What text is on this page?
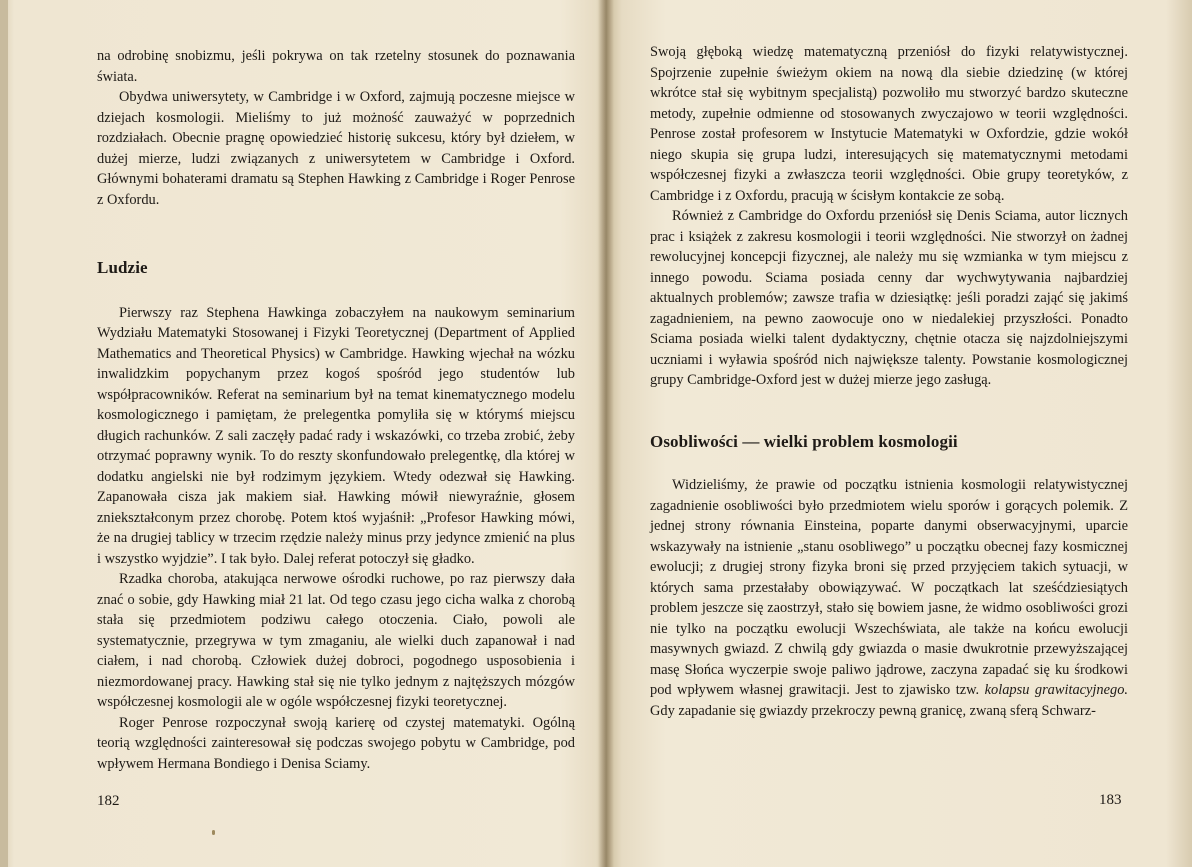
na odrobinę snobizmu, jeśli pokrywa on tak rzetelny stosunek do poznawania świata.

Obydwa uniwersytety, w Cambridge i w Oxford, zajmują poczesne miejsce w dziejach kosmologii. Mieliśmy to już możność zauważyć w poprzednich rozdziałach. Obecnie pragnę opowiedzieć historię sukcesu, który był dziełem, w dużej mierze, ludzi związanych z uniwersytetem w Cambridge i Oxford. Głównymi bohaterami dramatu są Stephen Hawking z Cambridge i Roger Penrose z Oxfordu.

Ludzie

Pierwszy raz Stephena Hawkinga zobaczyłem na naukowym seminarium Wydziału Matematyki Stosowanej i Fizyki Teoretycznej (Department of Applied Mathematics and Theoretical Physics) w Cambridge. Hawking wjechał na wózku inwalidzkim popychanym przez kogoś spośród jego studentów lub współpracowników. Referat na seminarium był na temat kinematycznego modelu kosmologicznego i pamiętam, że prelegentka pomyliła się w którymś miejscu długich rachunków. Z sali zaczęły padać rady i wskazówki, co trzeba zrobić, żeby otrzymać poprawny wynik. To do reszty skonfundowało prelegentkę, dla której w dodatku angielski nie był rodzimym językiem. Wtedy odezwał się Hawking. Zapanowała cisza jak makiem siał. Hawking mówił niewyraźnie, głosem zniekształconym przez chorobę. Potem ktoś wyjaśnił: „Profesor Hawking mówi, że na drugiej tablicy w trzecim rzędzie należy minus przy jedynce zmienić na plus i wszystko wyjdzie”. I tak było. Dalej referat potoczył się gładko.

Rzadka choroba, atakująca nerwowe ośrodki ruchowe, po raz pierwszy dała znać o sobie, gdy Hawking miał 21 lat. Od tego czasu jego cicha walka z chorobą stała się przedmiotem podziwu całego otoczenia. Ciało, powoli ale systematycznie, przegrywa w tym zmaganiu, ale wielki duch zapanował i nad ciałem, i nad chorobą. Człowiek dużej dobroci, pogodnego usposobienia i niezmordowanej pracy. Hawking stał się nie tylko jednym z najtęższych mózgów współczesnej kosmologii ale w ogóle współczesnej fizyki teoretycznej.

Roger Penrose rozpoczynał swoją karierę od czystej matematyki. Ogólną teorią względności zainteresował się podczas swojego pobytu w Cambridge, pod wpływem Hermana Bondiego i Denisa Sciamy.

182

Swoją głęboką wiedzę matematyczną przeniósł do fizyki relatywistycznej. Spojrzenie zupełnie świeżym okiem na nową dla siebie dziedzinę (w której wkrótce stał się wybitnym specjalistą) pozwoliło mu stworzyć bardzo skuteczne metody, zupełnie odmienne od stosowanych zwyczajowo w teorii względności. Penrose został profesorem w Instytucie Matematyki w Oxfordzie, gdzie wokół niego skupia się grupa ludzi, interesujących się matematycznymi metodami współczesnej fizyki a zwłaszcza teorii względności. Obie grupy teoretyków, z Cambridge i z Oxfordu, pracują w ścisłym kontakcie ze sobą.

Również z Cambridge do Oxfordu przeniósł się Denis Sciama, autor licznych prac i książek z zakresu kosmologii i teorii względności. Nie stworzył on żadnej rewolucyjnej koncepcji fizycznej, ale należy mu się wzmianka w tym miejscu z innego powodu. Sciama posiada cenny dar wychwytywania najbardziej aktualnych problemów; zawsze trafia w dziesiątkę: jeśli poradzi zająć się jakimś zagadnieniem, na pewno zaowocuje ono w niedalekiej przyszłości. Ponadto Sciama posiada wielki talent dydaktyczny, chętnie otacza się najzdolniejszymi uczniami i wyławia spośród nich największe talenty. Powstanie kosmologicznej grupy Cambridge-Oxford jest w dużej mierze jego zasługą.

Osobliwości — wielki problem kosmologii

Widzieliśmy, że prawie od początku istnienia kosmologii relatywistycznej zagadnienie osobliwości było przedmiotem wielu sporów i gorących polemik. Z jednej strony równania Einsteina, poparte danymi obserwacyjnymi, uparcie wskazywały na istnienie „stanu osobliwego” u początku obecnej fazy kosmicznej ewolucji; z drugiej strony fizyka broni się przed przyjęciem takich sytuacji, w których sama przestałaby obowiązywać. W początkach lat sześćdziesiątych problem jeszcze się zaostrzył, stało się bowiem jasne, że widmo osobliwości grozi nie tylko na początku ewolucji Wszechświata, ale także na końcu ewolucji masywnych gwiazd. Z chwilą gdy gwiazda o masie dwukrotnie przewyższającej masę Słońca wyczerpie swoje paliwo jądrowe, zaczyna zapadać się ku środkowi pod wpływem własnej grawitacji. Jest to zjawisko tzw. kolapsu grawitacyjnego. Gdy zapadanie się gwiazdy przekroczy pewną granicę, zwaną sferą Schwarz-

183
